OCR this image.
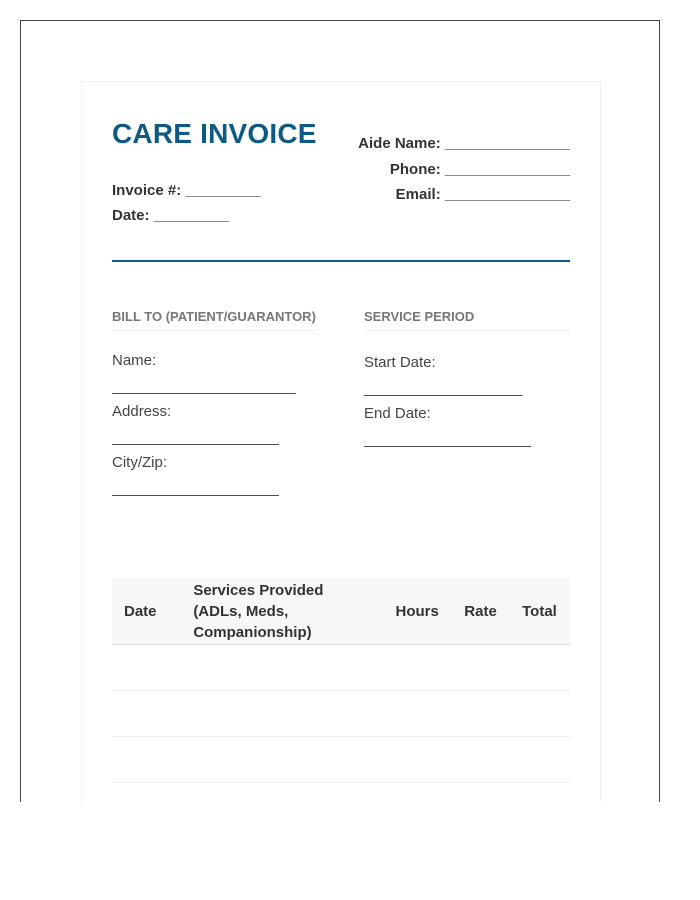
CARE INVOICE
Invoice #: _________
Date: _________
Aide Name: _______________
Phone: _______________
Email: _______________
BILL TO (PATIENT/GUARANTOR)
Name:
______________________
Address:
____________________
City/Zip:
____________________
SERVICE PERIOD
Start Date:
___________________
End Date:
____________________
Date	Services Provided (ADLs, Meds, Companionship)	Hours	Rate	Total
